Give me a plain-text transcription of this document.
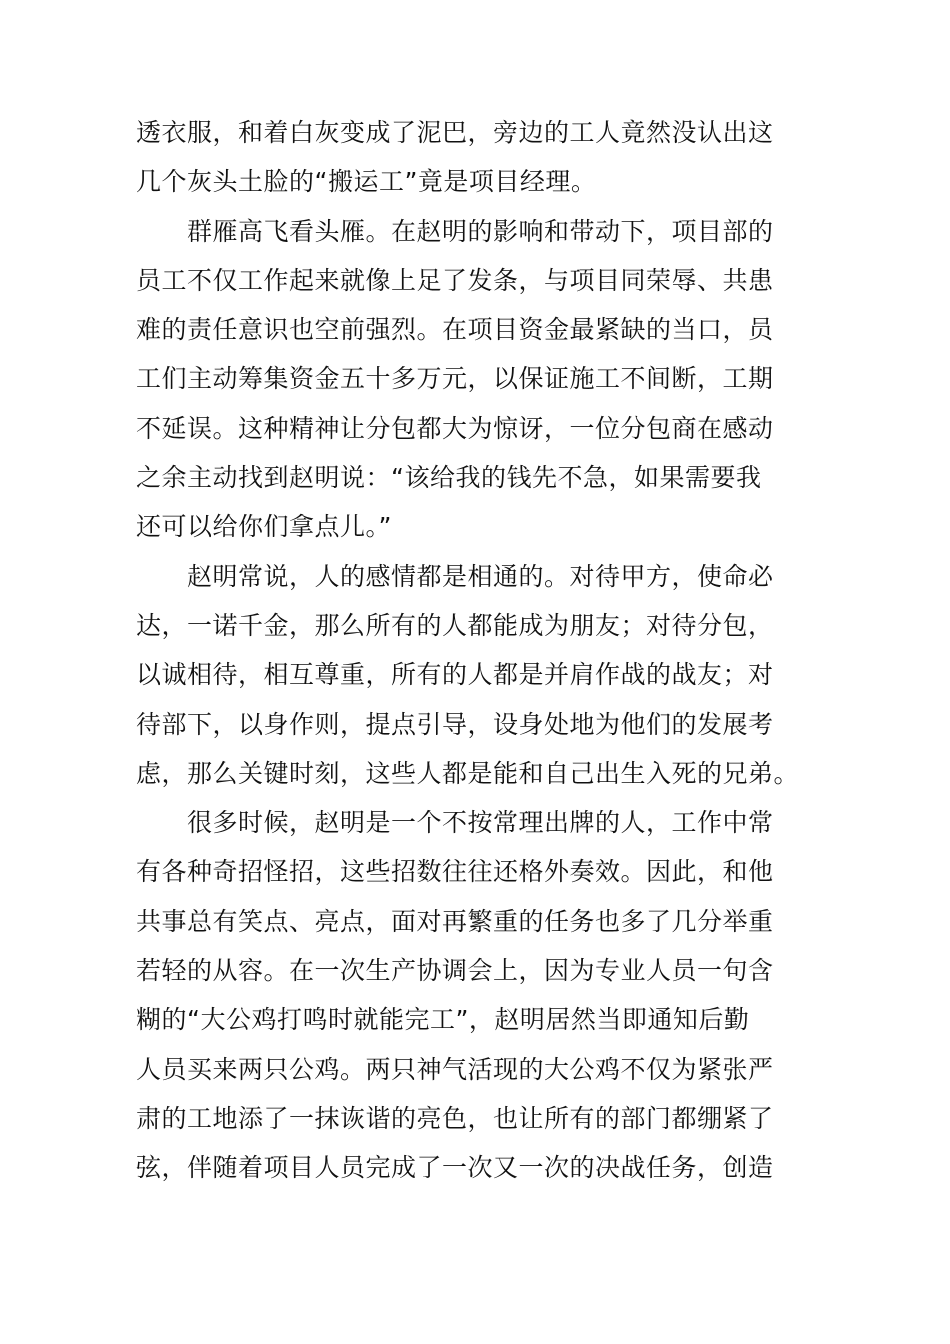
透衣服，和着白灰变成了泥巴，旁边的工人竟然没认出这
几个灰头土脸的“搬运工”竟是项目经理。
群雁高飞看头雁。在赵明的影响和带动下，项目部的
员工不仅工作起来就像上足了发条，与项目同荣辱、共患
难的责任意识也空前强烈。在项目资金最紧缺的当口，员
工们主动筹集资金五十多万元，以保证施工不间断，工期
不延误。这种精神让分包都大为惊讶，一位分包商在感动
之余主动找到赵明说：“该给我的钱先不急，如果需要我
还可以给你们拿点儿。”
赵明常说，人的感情都是相通的。对待甲方，使命必
达，一诺千金，那么所有的人都能成为朋友；对待分包，
以诚相待，相互尊重，所有的人都是并肩作战的战友；对
待部下，以身作则，提点引导，设身处地为他们的发展考
虑，那么关键时刻，这些人都是能和自己出生入死的兄弟。
很多时候，赵明是一个不按常理出牌的人，工作中常
有各种奇招怪招，这些招数往往还格外奏效。因此，和他
共事总有笑点、亮点，面对再繁重的任务也多了几分举重
若轻的从容。在一次生产协调会上，因为专业人员一句含
糊的“大公鸡打鸣时就能完工”，赵明居然当即通知后勤
人员买来两只公鸡。两只神气活现的大公鸡不仅为紧张严
肃的工地添了一抹诙谐的亮色，也让所有的部门都绷紧了
弦，伴随着项目人员完成了一次又一次的决战任务，创造
